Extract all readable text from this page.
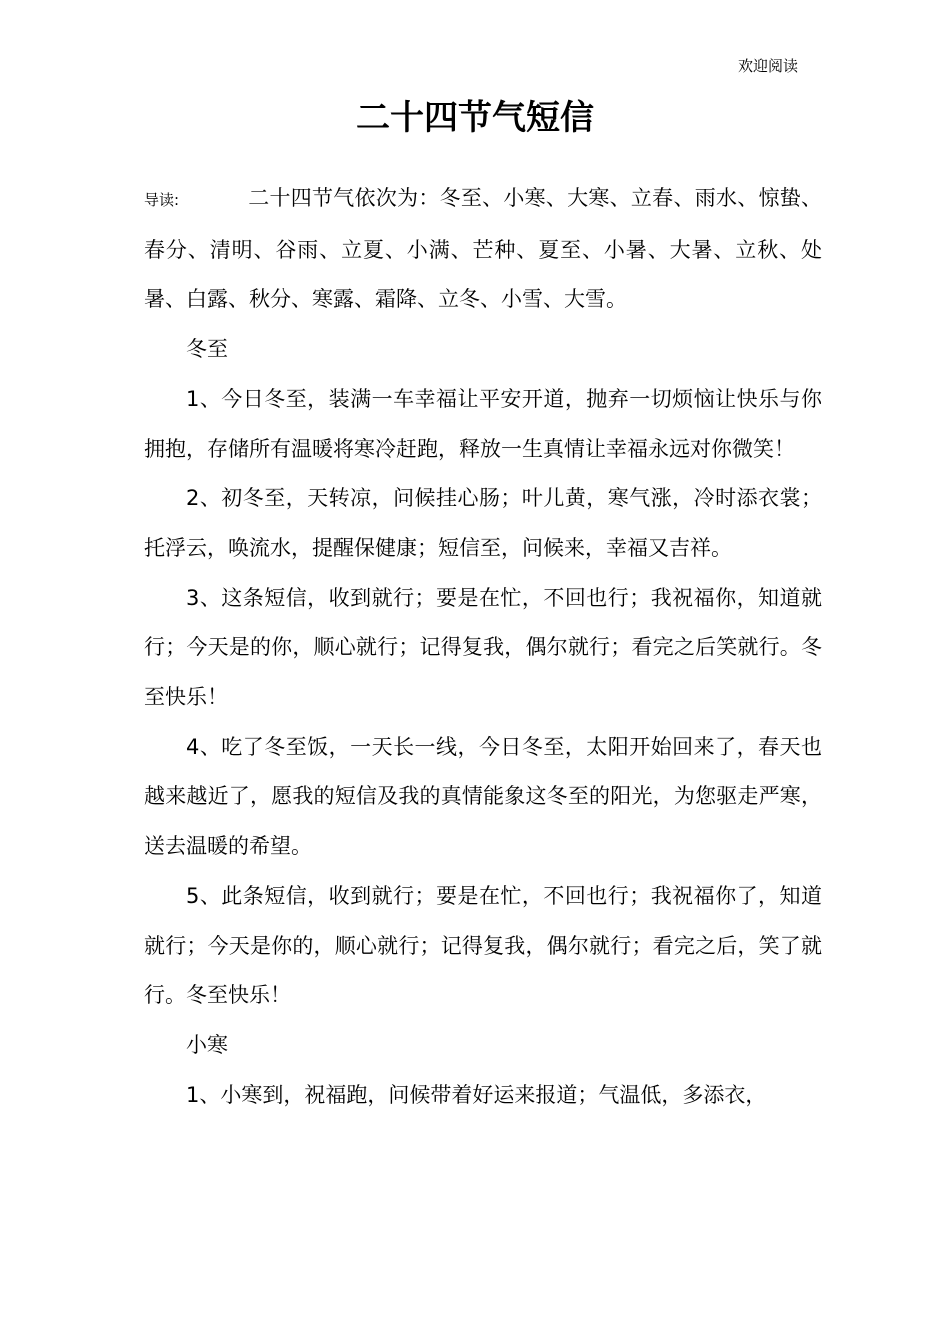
欢迎阅读
二十四节气短信

导读:	二十四节气依次为：冬至、小寒、大寒、立春、雨水、惊蛰、春分、清明、谷雨、立夏、小满、芒种、夏至、小暑、大暑、立秋、处暑、白露、秋分、寒露、霜降、立冬、小雪、大雪。

冬至

1、今日冬至，装满一车幸福让平安开道，抛弃一切烦恼让快乐与你拥抱，存储所有温暖将寒冷赶跑，释放一生真情让幸福永远对你微笑！

2、初冬至，天转凉，问候挂心肠；叶儿黄，寒气涨，冷时添衣裳；托浮云，唤流水，提醒保健康；短信至，问候来，幸福又吉祥。

3、这条短信，收到就行；要是在忙，不回也行；我祝福你，知道就行；今天是的你，顺心就行；记得复我，偶尔就行；看完之后笑就行。冬至快乐！

4、吃了冬至饭，一天长一线，今日冬至，太阳开始回来了，春天也越来越近了，愿我的短信及我的真情能象这冬至的阳光，为您驱走严寒，送去温暖的希望。

5、此条短信，收到就行；要是在忙，不回也行；我祝福你了，知道就行；今天是你的，顺心就行；记得复我，偶尔就行；看完之后，笑了就行。冬至快乐！

小寒

1、小寒到，祝福跑，问候带着好运来报道；气温低，多添衣，
